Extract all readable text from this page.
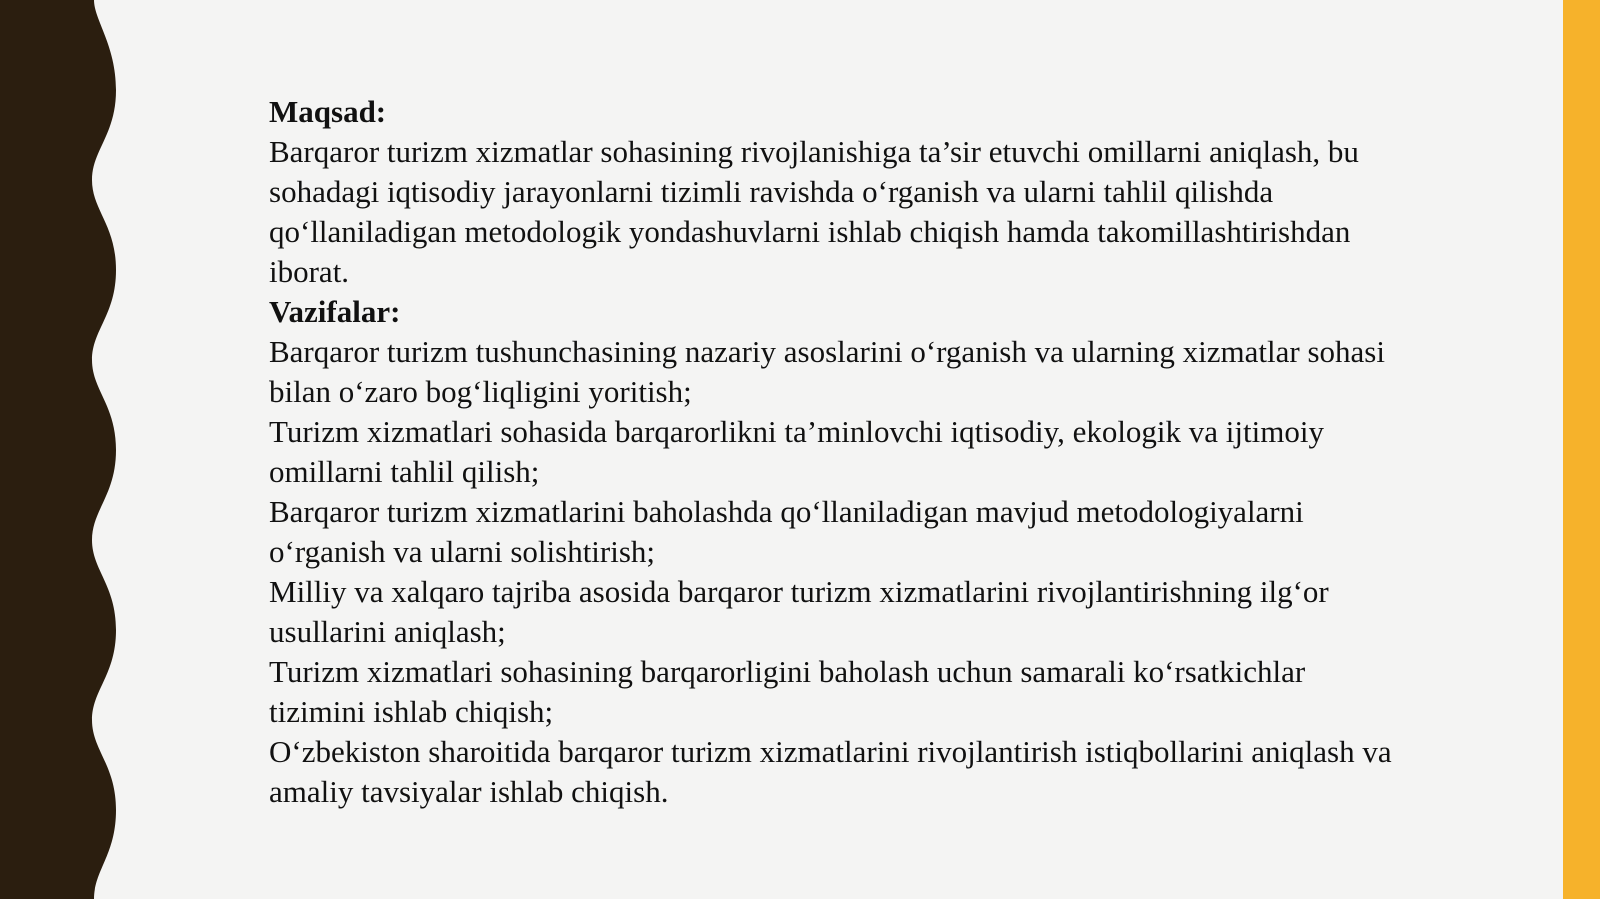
Maqsad:
Barqaror turizm xizmatlar sohasining rivojlanishiga ta’sir etuvchi omillarni aniqlash, bu sohadagi iqtisodiy jarayonlarni tizimli ravishda o‘rganish va ularni tahlil qilishda qo‘llaniladigan metodologik yondashuvlarni ishlab chiqish hamda takomillashtirishdan iborat.
Vazifalar:
Barqaror turizm tushunchasining nazariy asoslarini o‘rganish va ularning xizmatlar sohasi bilan o‘zaro bog‘liqligini yoritish;
Turizm xizmatlari sohasida barqarorlikni ta’minlovchi iqtisodiy, ekologik va ijtimoiy omillarni tahlil qilish;
Barqaror turizm xizmatlarini baholashda qo‘llaniladigan mavjud metodologiyalarni o‘rganish va ularni solishtirish;
Milliy va xalqaro tajriba asosida barqaror turizm xizmatlarini rivojlantirishning ilg‘or usullarini aniqlash;
Turizm xizmatlari sohasining barqarorligini baholash uchun samarali ko‘rsatkichlar tizimini ishlab chiqish;
O‘zbekiston sharoitida barqaror turizm xizmatlarini rivojlantirish istiqbollarini aniqlash va amaliy tavsiyalar ishlab chiqish.
